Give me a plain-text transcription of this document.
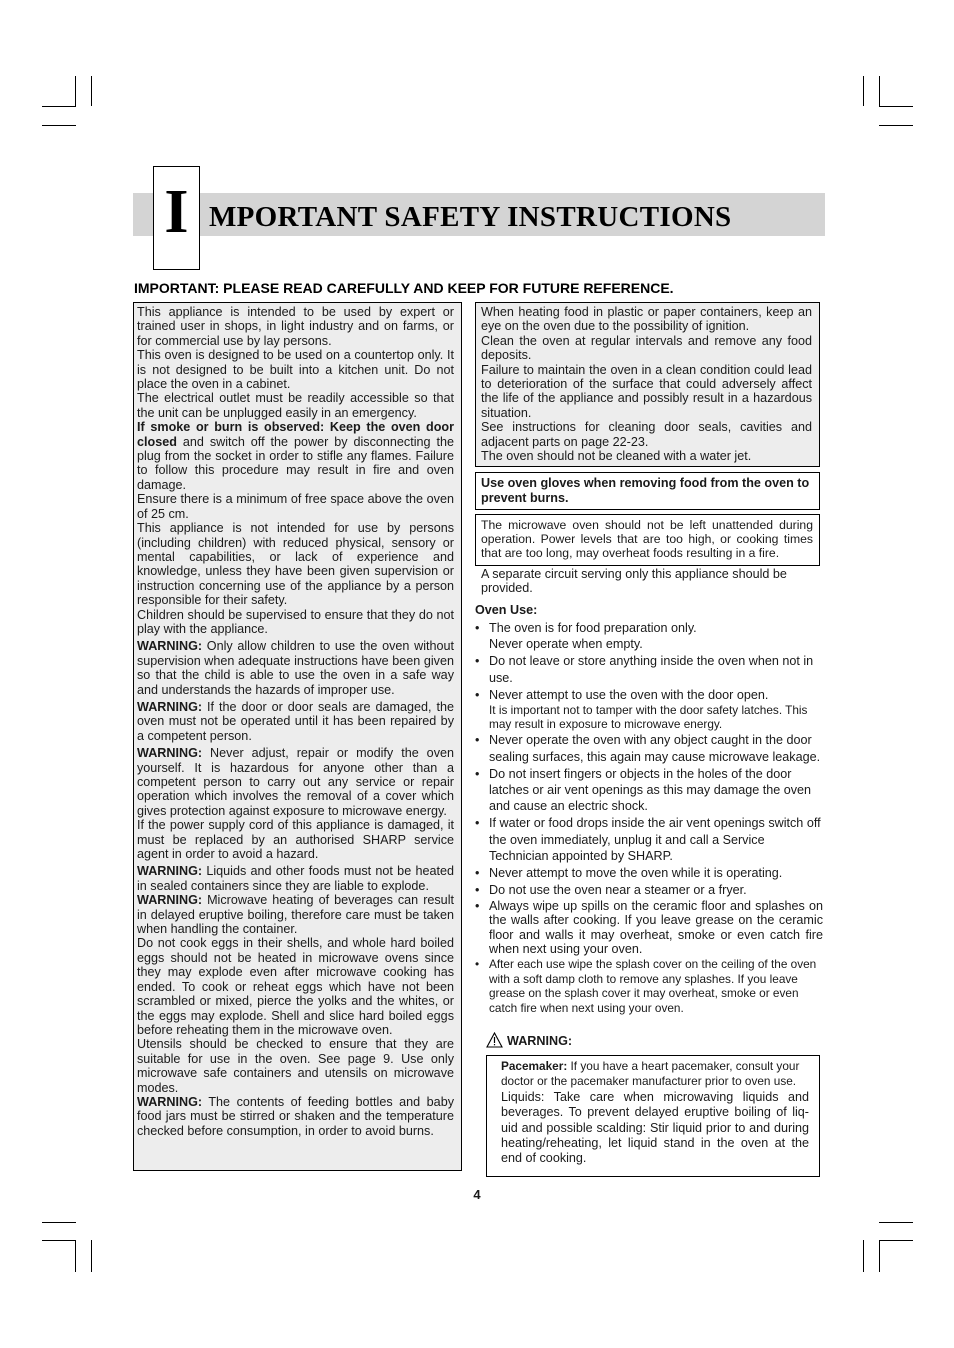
I MPORTANT SAFETY INSTRUCTIONS
IMPORTANT: PLEASE READ CAREFULLY AND KEEP FOR FUTURE REFERENCE.

This appliance is intended to be used by expert or trained user in shops, in light industry and on farms, or for commercial use by lay persons.

This oven is designed to be used on a countertop only. It is not designed to be built into a kitchen unit. Do not place the oven in a cabinet.

The electrical outlet must be readily accessible so that the unit can be unplugged easily in an emergency.

If smoke or burn is observed: Keep the oven door closed and switch off the power by disconnecting the plug from the socket in order to stifle any flames. Failure to follow this procedure may result in fire and oven damage.

Ensure there is a minimum of free space above the oven of 25 cm.

This appliance is not intended for use by persons (including children) with reduced physical, sensory or mental capabilities, or lack of experience and knowledge, unless they have been given supervision or instruction concerning use of the appliance by a person responsible for their safety.

Children should be supervised to ensure that they do not play with the appliance.

WARNING: Only allow children to use the oven without supervision when adequate instructions have been given so that the child is able to use the oven in a safe way and understands the hazards of improper use.

WARNING: If the door or door seals are damaged, the oven must not be operated until it has been repaired by a competent person.

WARNING: Never adjust, repair or modify the oven yourself. It is hazardous for anyone other than a competent person to carry out any service or repair operation which involves the removal of a cover which gives protection against exposure to microwave energy.

If the power supply cord of this appliance is damaged, it must be replaced by an authorised SHARP service agent in order to avoid a hazard.

WARNING: Liquids and other foods must not be heated in sealed containers since they are liable to explode.

WARNING: Microwave heating of beverages can result in delayed eruptive boiling, therefore care must be taken when handling the container.

Do not cook eggs in their shells, and whole hard boiled eggs should not be heated in microwave ovens since they may explode even after microwave cooking has ended. To cook or reheat eggs which have not been scrambled or mixed, pierce the yolks and the whites, or the eggs may explode. Shell and slice hard boiled eggs before reheating them in the microwave oven.

Utensils should be checked to ensure that they are suitable for use in the oven. See page 9. Use only microwave safe containers and utensils on microwave modes.

WARNING: The contents of feeding bottles and baby food jars must be stirred or shaken and the temperature checked before consumption, in order to avoid burns.

When heating food in plastic or paper containers, keep an eye on the oven due to the possibility of ignition.

Clean the oven at regular intervals and remove any food deposits.

Failure to maintain the oven in a clean condition could lead to deterioration of the surface that could adversely affect the life of the appliance and possibly result in a hazardous situation.

See instructions for cleaning door seals, cavities and adjacent parts on page 22-23.

The oven should not be cleaned with a water jet.

Use oven gloves when removing food from the oven to prevent burns.
The microwave oven should not be left unattended during operation. Power levels that are too high, or cooking times that are too long, may overheat foods resulting in a fire.
A separate circuit serving only this appliance should be provided.
Oven Use:
• The oven is for food preparation only.
Never operate when empty.
• Do not leave or store anything inside the oven when not in use.
• Never attempt to use the oven with the door open.
It is important not to tamper with the door safety latches. This may result in exposure to microwave energy.
• Never operate the oven with any object caught in the door sealing surfaces, this again may cause microwave leakage.
• Do not insert fingers or objects in the holes of the door latches or air vent openings as this may damage the oven and cause an electric shock.
• If water or food drops inside the air vent openings switch off the oven immediately, unplug it and call a Service Technician appointed by SHARP.
• Never attempt to move the oven while it is operating.
• Do not use the oven near a steamer or a fryer.
• Always wipe up spills on the ceramic floor and splashes on the walls after cooking. If you leave grease on the ceramic floor and walls it may overheat, smoke or even catch fire when next using your oven.
• After each use wipe the splash cover on the ceiling of the oven with a soft damp cloth to remove any splashes. If you leave grease on the splash cover it may overheat, smoke or even catch fire when next using your oven.
WARNING:

Pacemaker: If you have a heart pacemaker, consult your doctor or the pacemaker manufacturer prior to oven use.

Liquids: Take care when microwaving liquids and beverages. To prevent delayed eruptive boiling of liq-uid and possible scalding: Stir liquid prior to and during heating/reheating, let liquid stand in the oven at the end of cooking.

4
